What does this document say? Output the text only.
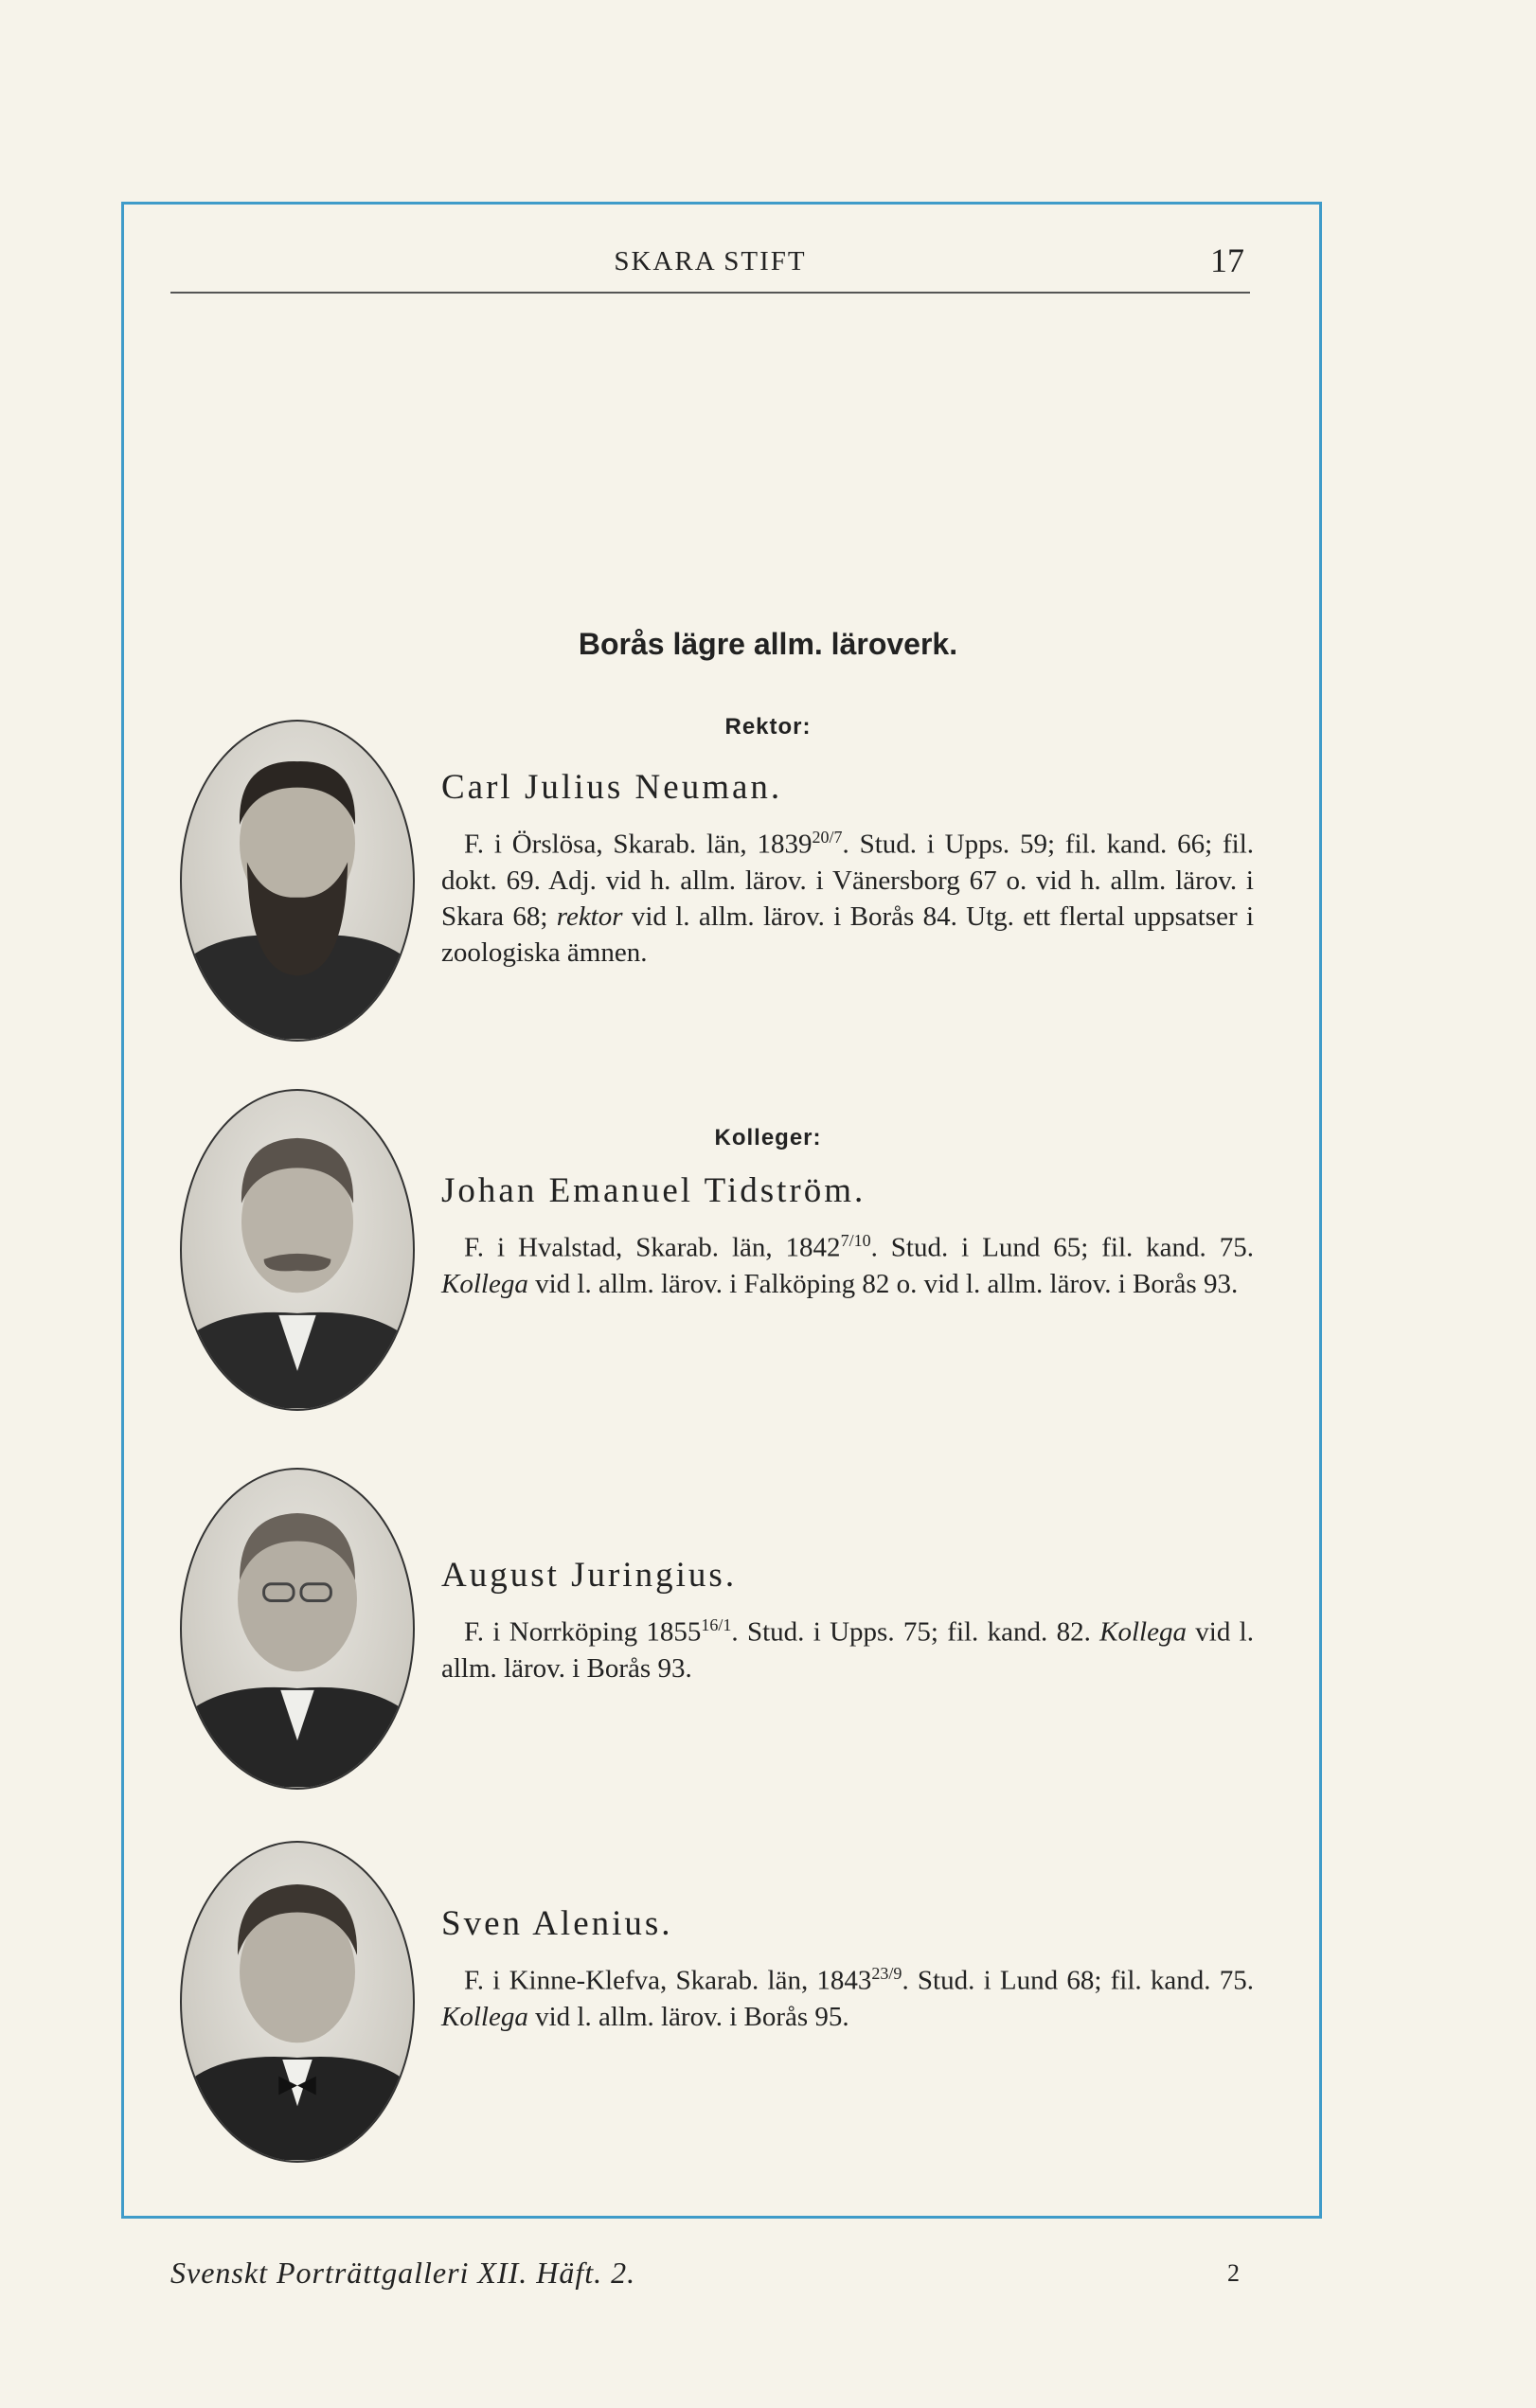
SKARA STIFT	17
Borås lägre allm. läroverk.
Rektor:

Carl Julius Neuman.

F. i Örslösa, Skarab. län, $1839^{20/7}$. Stud. i Upps. 59; fil. kand. 66; fil. dokt. 69. Adj. vid h. allm. lärov. i Vänersborg 67 o. vid h. allm. lärov. i Skara 68; rektor vid l. allm. lärov. i Borås 84. Utg. ett flertal uppsatser i zoologiska ämnen.

Kolleger:

Johan Emanuel Tidström.

F. i Hvalstad, Skarab. län, $1842^{7/10}$. Stud. i Lund 65; fil. kand. 75. Kollega vid l. allm. lärov. i Falköping 82 o. vid l. allm. lärov. i Borås 93.

August Juringius.

F. i Norrköping $1855^{16/1}$. Stud. i Upps. 75; fil. kand. 82. Kollega vid l. allm. lärov. i Borås 93.

Sven Alenius.

F. i Kinne-Klefva, Skarab. län, $1843^{23/9}$. Stud. i Lund 68; fil. kand. 75. Kollega vid l. allm. lärov. i Borås 95.

Svenskt Porträttgalleri XII. Häft. 2.	2
